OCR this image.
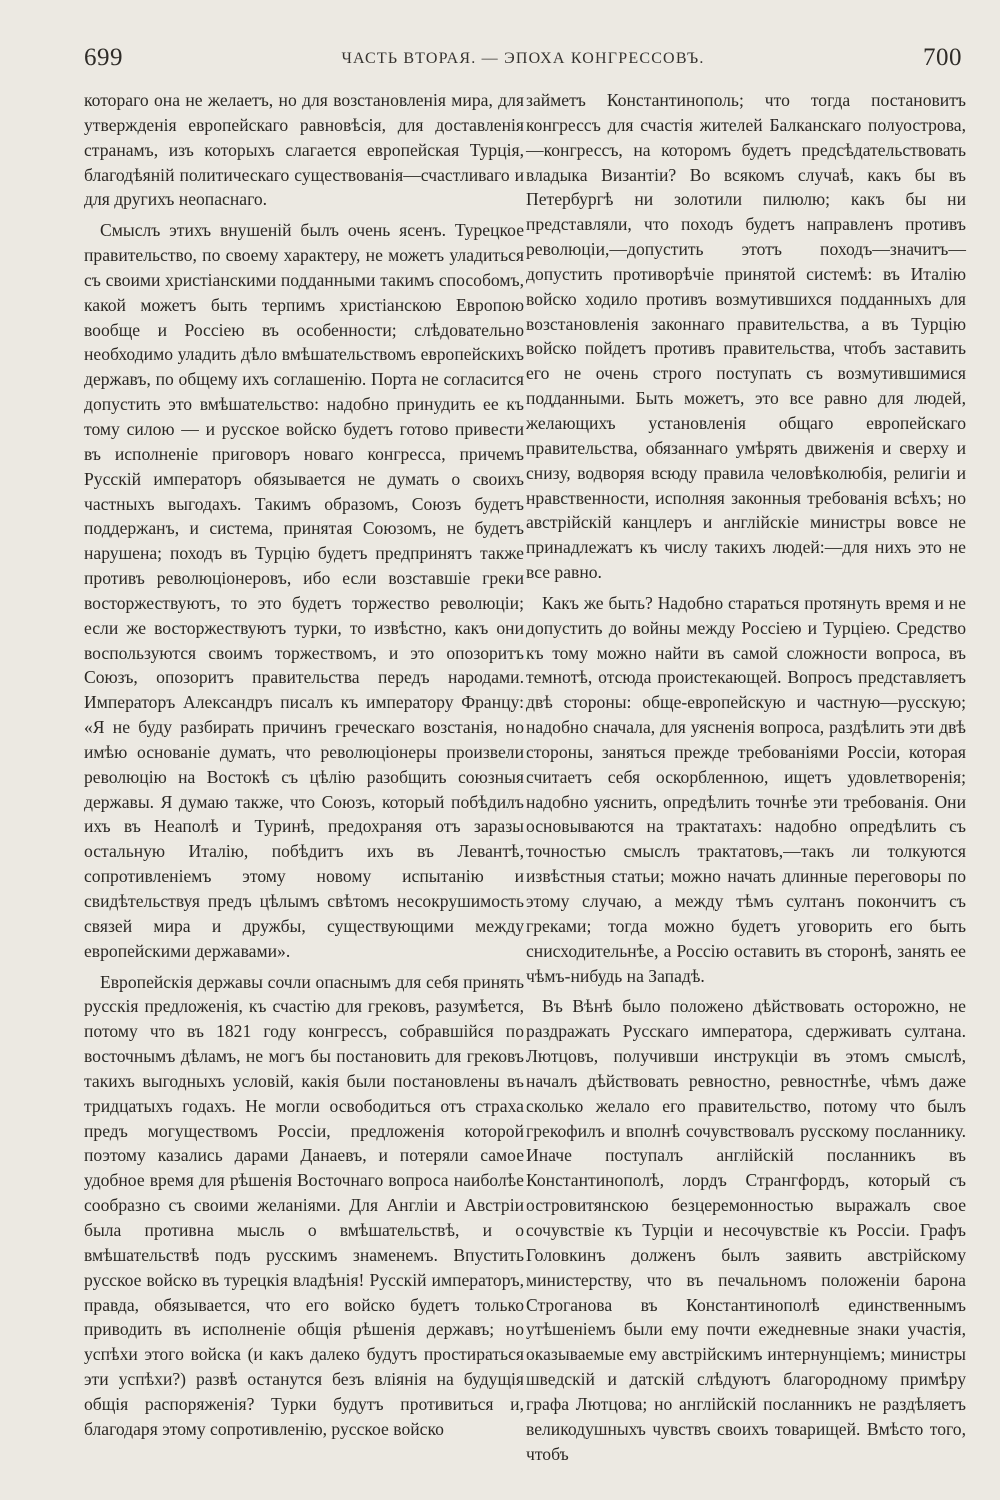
699	ЧАСТЬ ВТОРАЯ. — ЭПОХА КОНГРЕССОВЪ.	700

котораго она не желаетъ, но для возстановленія мира, для утвержденія европейскаго равновѣсія, для доставленія странамъ, изъ которыхъ слагается европейская Турція, благодѣяній политическаго существованія—счастливаго и для другихъ неопаснаго.

Смыслъ этихъ внушеній былъ очень ясенъ. Турецкое правительство, по своему характеру, не можетъ уладиться съ своими христіанскими подданными такимъ способомъ, какой можетъ быть терпимъ христіанскою Европою вообще и Россіею въ особенности; слѣдовательно необходимо уладить дѣло вмѣшательствомъ европейскихъ державъ, по общему ихъ соглашенію. Порта не согласится допустить это вмѣшательство: надобно принудить ее къ тому силою — и русское войско будетъ готово привести въ исполненіе приговоръ новаго конгресса, причемъ Русскій императоръ обязывается не думать о своихъ частныхъ выгодахъ. Такимъ образомъ, Союзъ будетъ поддержанъ, и система, принятая Союзомъ, не будетъ нарушена; походъ въ Турцію будетъ предпринятъ также противъ революціонеровъ, ибо если возставшіе греки восторжествуютъ, то это будетъ торжество революціи; если же восторжествуютъ турки, то извѣстно, какъ они воспользуются своимъ торжествомъ, и это опозоритъ Союзъ, опозоритъ правительства передъ народами. Императоръ Александръ писалъ къ императору Францу: «Я не буду разбирать причинъ греческаго возстанія, но имѣю основаніе думать, что революціонеры произвели революцію на Востокѣ съ цѣлію разобщить союзныя державы. Я думаю также, что Союзъ, который побѣдилъ ихъ въ Неаполѣ и Туринѣ, предохраняя отъ заразы остальную Италію, побѣдитъ ихъ въ Левантѣ, сопротивленіемъ этому новому испытанію и свидѣтельствуя предъ цѣлымъ свѣтомъ несокрушимость связей мира и дружбы, существующими между европейскими державами».

Европейскія державы сочли опаснымъ для себя принять русскія предложенія, къ счастію для грековъ, разумѣется, потому что въ 1821 году конгрессъ, собравшійся по восточнымъ дѣламъ, не могъ бы постановить для грековъ такихъ выгодныхъ условій, какія были постановлены въ тридцатыхъ годахъ. Не могли освободиться отъ страха предъ могуществомъ Россіи, предложенія которой поэтому казались дарами Данаевъ, и потеряли самое удобное время для рѣшенія Восточнаго вопроса наиболѣе сообразно съ своими желаніями. Для Англіи и Австріи была противна мысль о вмѣшательствѣ, и о вмѣшательствѣ подъ русскимъ знаменемъ. Впустить русское войско въ турецкія владѣнія! Русскій императоръ, правда, обязывается, что его войско будетъ только приводить въ исполненіе общія рѣшенія державъ; но успѣхи этого войска (и какъ далеко будутъ простираться эти успѣхи?) развѣ останутся безъ вліянія на будущія общія распоряженія? Турки будутъ противиться и, благодаря этому сопротивленію, русское войско

займетъ Константинополь; что тогда постановитъ конгрессъ для счастія жителей Балканскаго полуострова,—конгрессъ, на которомъ будетъ предсѣдательствовать владыка Византіи? Во всякомъ случаѣ, какъ бы въ Петербургѣ ни золотили пилюлю; какъ бы ни представляли, что походъ будетъ направленъ противъ революціи,—допустить этотъ походъ—значитъ—допустить противорѣчіе принятой системѣ: въ Италію войско ходило противъ возмутившихся подданныхъ для возстановленія законнаго правительства, а въ Турцію войско пойдетъ противъ правительства, чтобъ заставить его не очень строго поступать съ возмутившимися подданными. Быть можетъ, это все равно для людей, желающихъ установленія общаго европейскаго правительства, обязаннаго умѣрять движенія и сверху и снизу, водворяя всюду правила человѣколюбія, религіи и нравственности, исполняя законныя требованія всѣхъ; но австрійскій канцлеръ и англійскіе министры вовсе не принадлежатъ къ числу такихъ людей:—для нихъ это не все равно.

Какъ же быть? Надобно стараться протянуть время и не допустить до войны между Россіею и Турціею. Средство къ тому можно найти въ самой сложности вопроса, въ темнотѣ, отсюда проистекающей. Вопросъ представляетъ двѣ стороны: обще-европейскую и частную—русскую; надобно сначала, для уясненія вопроса, раздѣлить эти двѣ стороны, заняться прежде требованіями Россіи, которая считаетъ себя оскорбленною, ищетъ удовлетворенія; надобно уяснить, опредѣлить точнѣе эти требованія. Они основываются на трактатахъ: надобно опредѣлить съ точностью смыслъ трактатовъ,—такъ ли толкуются извѣстныя статьи; можно начать длинные переговоры по этому случаю, а между тѣмъ султанъ покончитъ съ греками; тогда можно будетъ уговорить его быть снисходительнѣе, а Россію оставить въ сторонѣ, занять ее чѣмъ-нибудь на Западѣ.

Въ Вѣнѣ было положено дѣйствовать осторожно, не раздражать Русскаго императора, сдерживать султана. Лютцовъ, получивши инструкціи въ этомъ смыслѣ, началъ дѣйствовать ревностно, ревностнѣе, чѣмъ даже сколько желало его правительство, потому что былъ грекофилъ и вполнѣ сочувствовалъ русскому посланнику. Иначе поступалъ англійскій посланникъ въ Константинополѣ, лордъ Странгфордъ, который съ островитянскою безцеремонностью выражалъ свое сочувствіе къ Турціи и несочувствіе къ Россіи. Графъ Головкинъ долженъ былъ заявить австрійскому министерству, что въ печальномъ положеніи барона Строганова въ Константинополѣ единственнымъ утѣшеніемъ были ему почти ежедневные знаки участія, оказываемые ему австрійскимъ интернунціемъ; министры шведскій и датскій слѣдуютъ благородному примѣру графа Лютцова; но англійскій посланникъ не раздѣляетъ великодушныхъ чувствъ своихъ товарищей. Вмѣсто того, чтобъ
